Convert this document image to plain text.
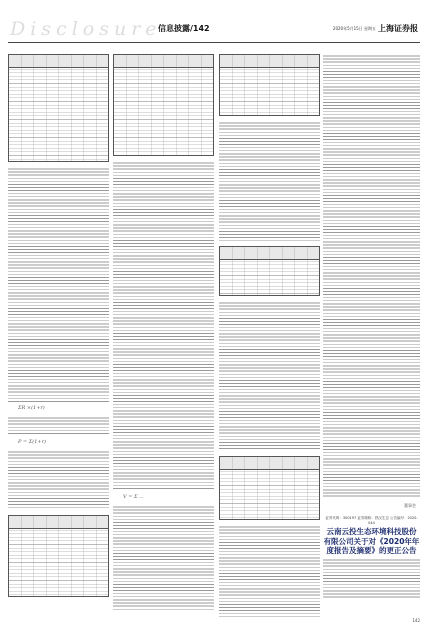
Disclosure
信息披露/142	2020年5月15日 星期五 上海证券报
ΣR ×(1+r)
P = Σ(1+r)
V = Σ ...
董事会
证券代码：300197 证券简称：铁汉生态 公告编号：2020-044
云南云投生态环境科技股份有限公司关于对《2020年年度报告及摘要》的更正公告
142
